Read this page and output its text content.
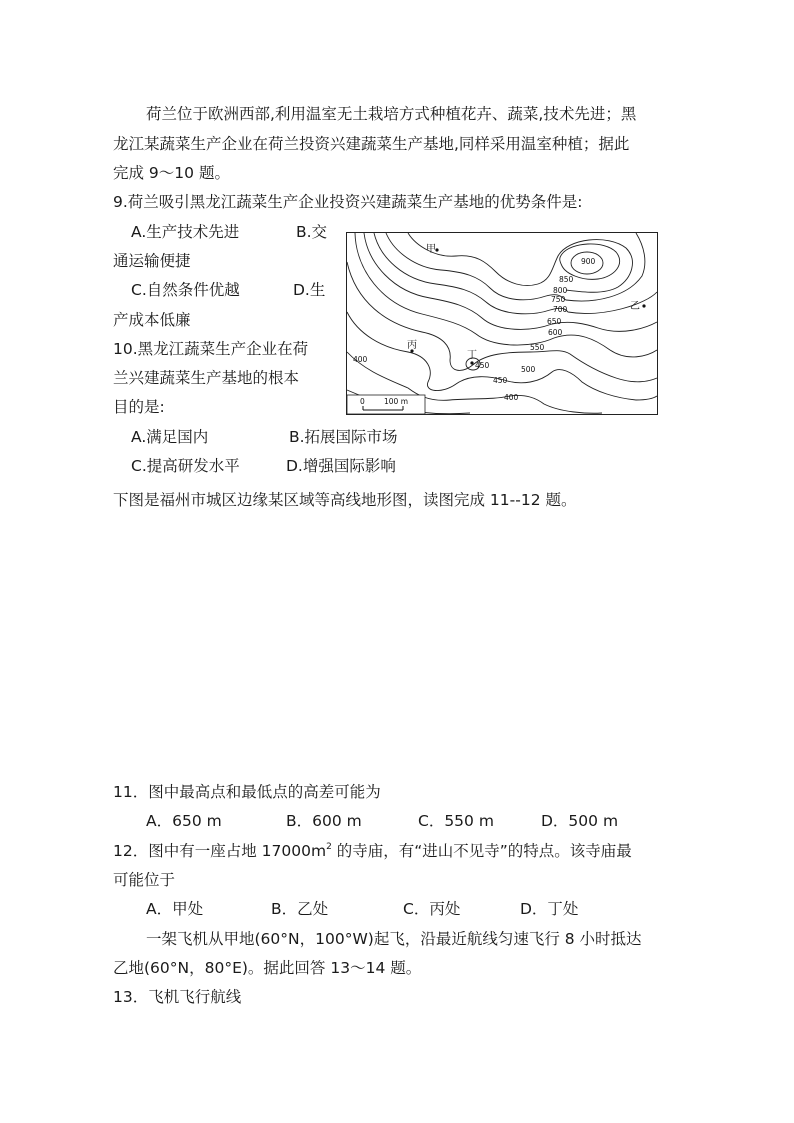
荷兰位于欧洲西部,利用温室无土栽培方式种植花卉、蔬菜,技术先进；黑
龙江某蔬菜生产企业在荷兰投资兴建蔬菜生产基地,同样采用温室种植；据此
完成 9～10 题。
9.荷兰吸引黑龙江蔬菜生产企业投资兴建蔬菜生产基地的优势条件是:
A.生产技术先进	B.交
通运输便捷
C.自然条件优越	D.生
产成本低廉
10.黑龙江蔬菜生产企业在荷
兰兴建蔬菜生产基地的根本
目的是:
A.满足国内	B.拓展国际市场
C.提高研发水平	D.增强国际影响
甲
乙
丙
丁
900
850
800
750
700
650
600
550
500
450
450
400
400
0	100 m
下图是福州市城区边缘某区域等高线地形图，读图完成 11--12 题。
11．图中最高点和最低点的高差可能为
A．650 m	B．600 m	C．550 m	D．500 m
12．图中有一座占地 $17000m^2$ 的寺庙，有“进山不见寺”的特点。该寺庙最
可能位于
A．甲处	B．乙处	C．丙处	D．丁处
一架飞机从甲地(60°N，100°W)起飞，沿最近航线匀速飞行 8 小时抵达
乙地(60°N，80°E)。据此回答 13～14 题。
13．飞机飞行航线
